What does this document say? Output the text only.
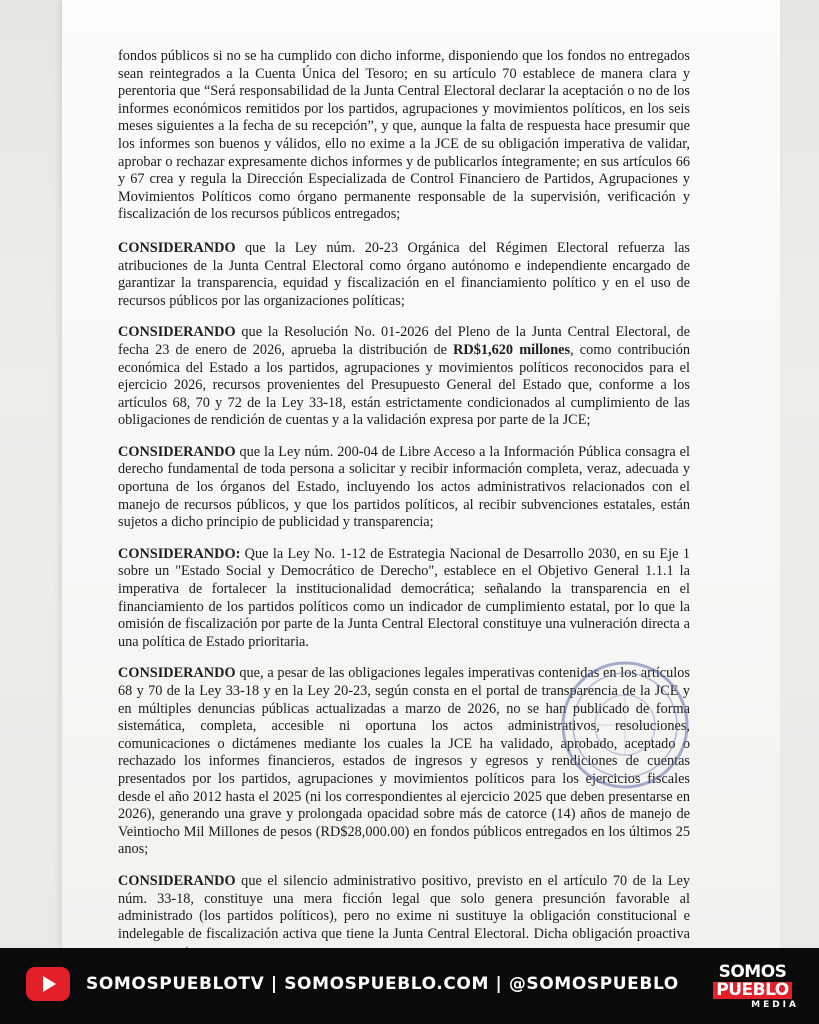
fondos públicos si no se ha cumplido con dicho informe, disponiendo que los fondos no entregados sean reintegrados a la Cuenta Única del Tesoro; en su artículo 70 establece de manera clara y perentoria que “Será responsabilidad de la Junta Central Electoral declarar la aceptación o no de los informes económicos remitidos por los partidos, agrupaciones y movimientos políticos, en los seis meses siguientes a la fecha de su recepción”, y que, aunque la falta de respuesta hace presumir que los informes son buenos y válidos, ello no exime a la JCE de su obligación imperativa de validar, aprobar o rechazar expresamente dichos informes y de publicarlos íntegramente; en sus artículos 66 y 67 crea y regula la Dirección Especializada de Control Financiero de Partidos, Agrupaciones y Movimientos Políticos como órgano permanente responsable de la supervisión, verificación y fiscalización de los recursos públicos entregados;

CONSIDERANDO que la Ley núm. 20-23 Orgánica del Régimen Electoral refuerza las atribuciones de la Junta Central Electoral como órgano autónomo e independiente encargado de garantizar la transparencia, equidad y fiscalización en el financiamiento político y en el uso de recursos públicos por las organizaciones políticas;

CONSIDERANDO que la Resolución No. 01-2026 del Pleno de la Junta Central Electoral, de fecha 23 de enero de 2026, aprueba la distribución de RD$1,620 millones, como contribución económica del Estado a los partidos, agrupaciones y movimientos políticos reconocidos para el ejercicio 2026, recursos provenientes del Presupuesto General del Estado que, conforme a los artículos 68, 70 y 72 de la Ley 33-18, están estrictamente condicionados al cumplimiento de las obligaciones de rendición de cuentas y a la validación expresa por parte de la JCE;

CONSIDERANDO que la Ley núm. 200-04 de Libre Acceso a la Información Pública consagra el derecho fundamental de toda persona a solicitar y recibir información completa, veraz, adecuada y oportuna de los órganos del Estado, incluyendo los actos administrativos relacionados con el manejo de recursos públicos, y que los partidos políticos, al recibir subvenciones estatales, están sujetos a dicho principio de publicidad y transparencia;

CONSIDERANDO: Que la Ley No. 1-12 de Estrategia Nacional de Desarrollo 2030, en su Eje 1 sobre un "Estado Social y Democrático de Derecho", establece en el Objetivo General 1.1.1 la imperativa de fortalecer la institucionalidad democrática; señalando la transparencia en el financiamiento de los partidos políticos como un indicador de cumplimiento estatal, por lo que la omisión de fiscalización por parte de la Junta Central Electoral constituye una vulneración directa a una política de Estado prioritaria.

CONSIDERANDO que, a pesar de las obligaciones legales imperativas contenidas en los artículos 68 y 70 de la Ley 33-18 y en la Ley 20-23, según consta en el portal de transparencia de la JCE y en múltiples denuncias públicas actualizadas a marzo de 2026, no se han publicado de forma sistemática, completa, accesible ni oportuna los actos administrativos, resoluciones, comunicaciones o dictámenes mediante los cuales la JCE ha validado, aprobado, aceptado o rechazado los informes financieros, estados de ingresos y egresos y rendiciones de cuentas presentados por los partidos, agrupaciones y movimientos políticos para los ejercicios fiscales desde el año 2012 hasta el 2025 (ni los correspondientes al ejercicio 2025 que deben presentarse en 2026), generando una grave y prolongada opacidad sobre más de catorce (14) años de manejo de Veintiocho Mil Millones de pesos (RD$28,000.00) en fondos públicos entregados en los últimos 25 anos;

CONSIDERANDO que el silencio administrativo positivo, previsto en el artículo 70 de la Ley núm. 33-18, constituye una mera ficción legal que solo genera presunción favorable al administrado (los partidos políticos), pero no exime ni sustituye la obligación constitucional e indelegable de fiscalización activa que tiene la Junta Central Electoral. Dicha obligación proactiva

SOMOSPUEBLOTV | SOMOSPUEBLO.COM | @SOMOSPUEBLO
SOMOS
PUEBLO
MEDIA
